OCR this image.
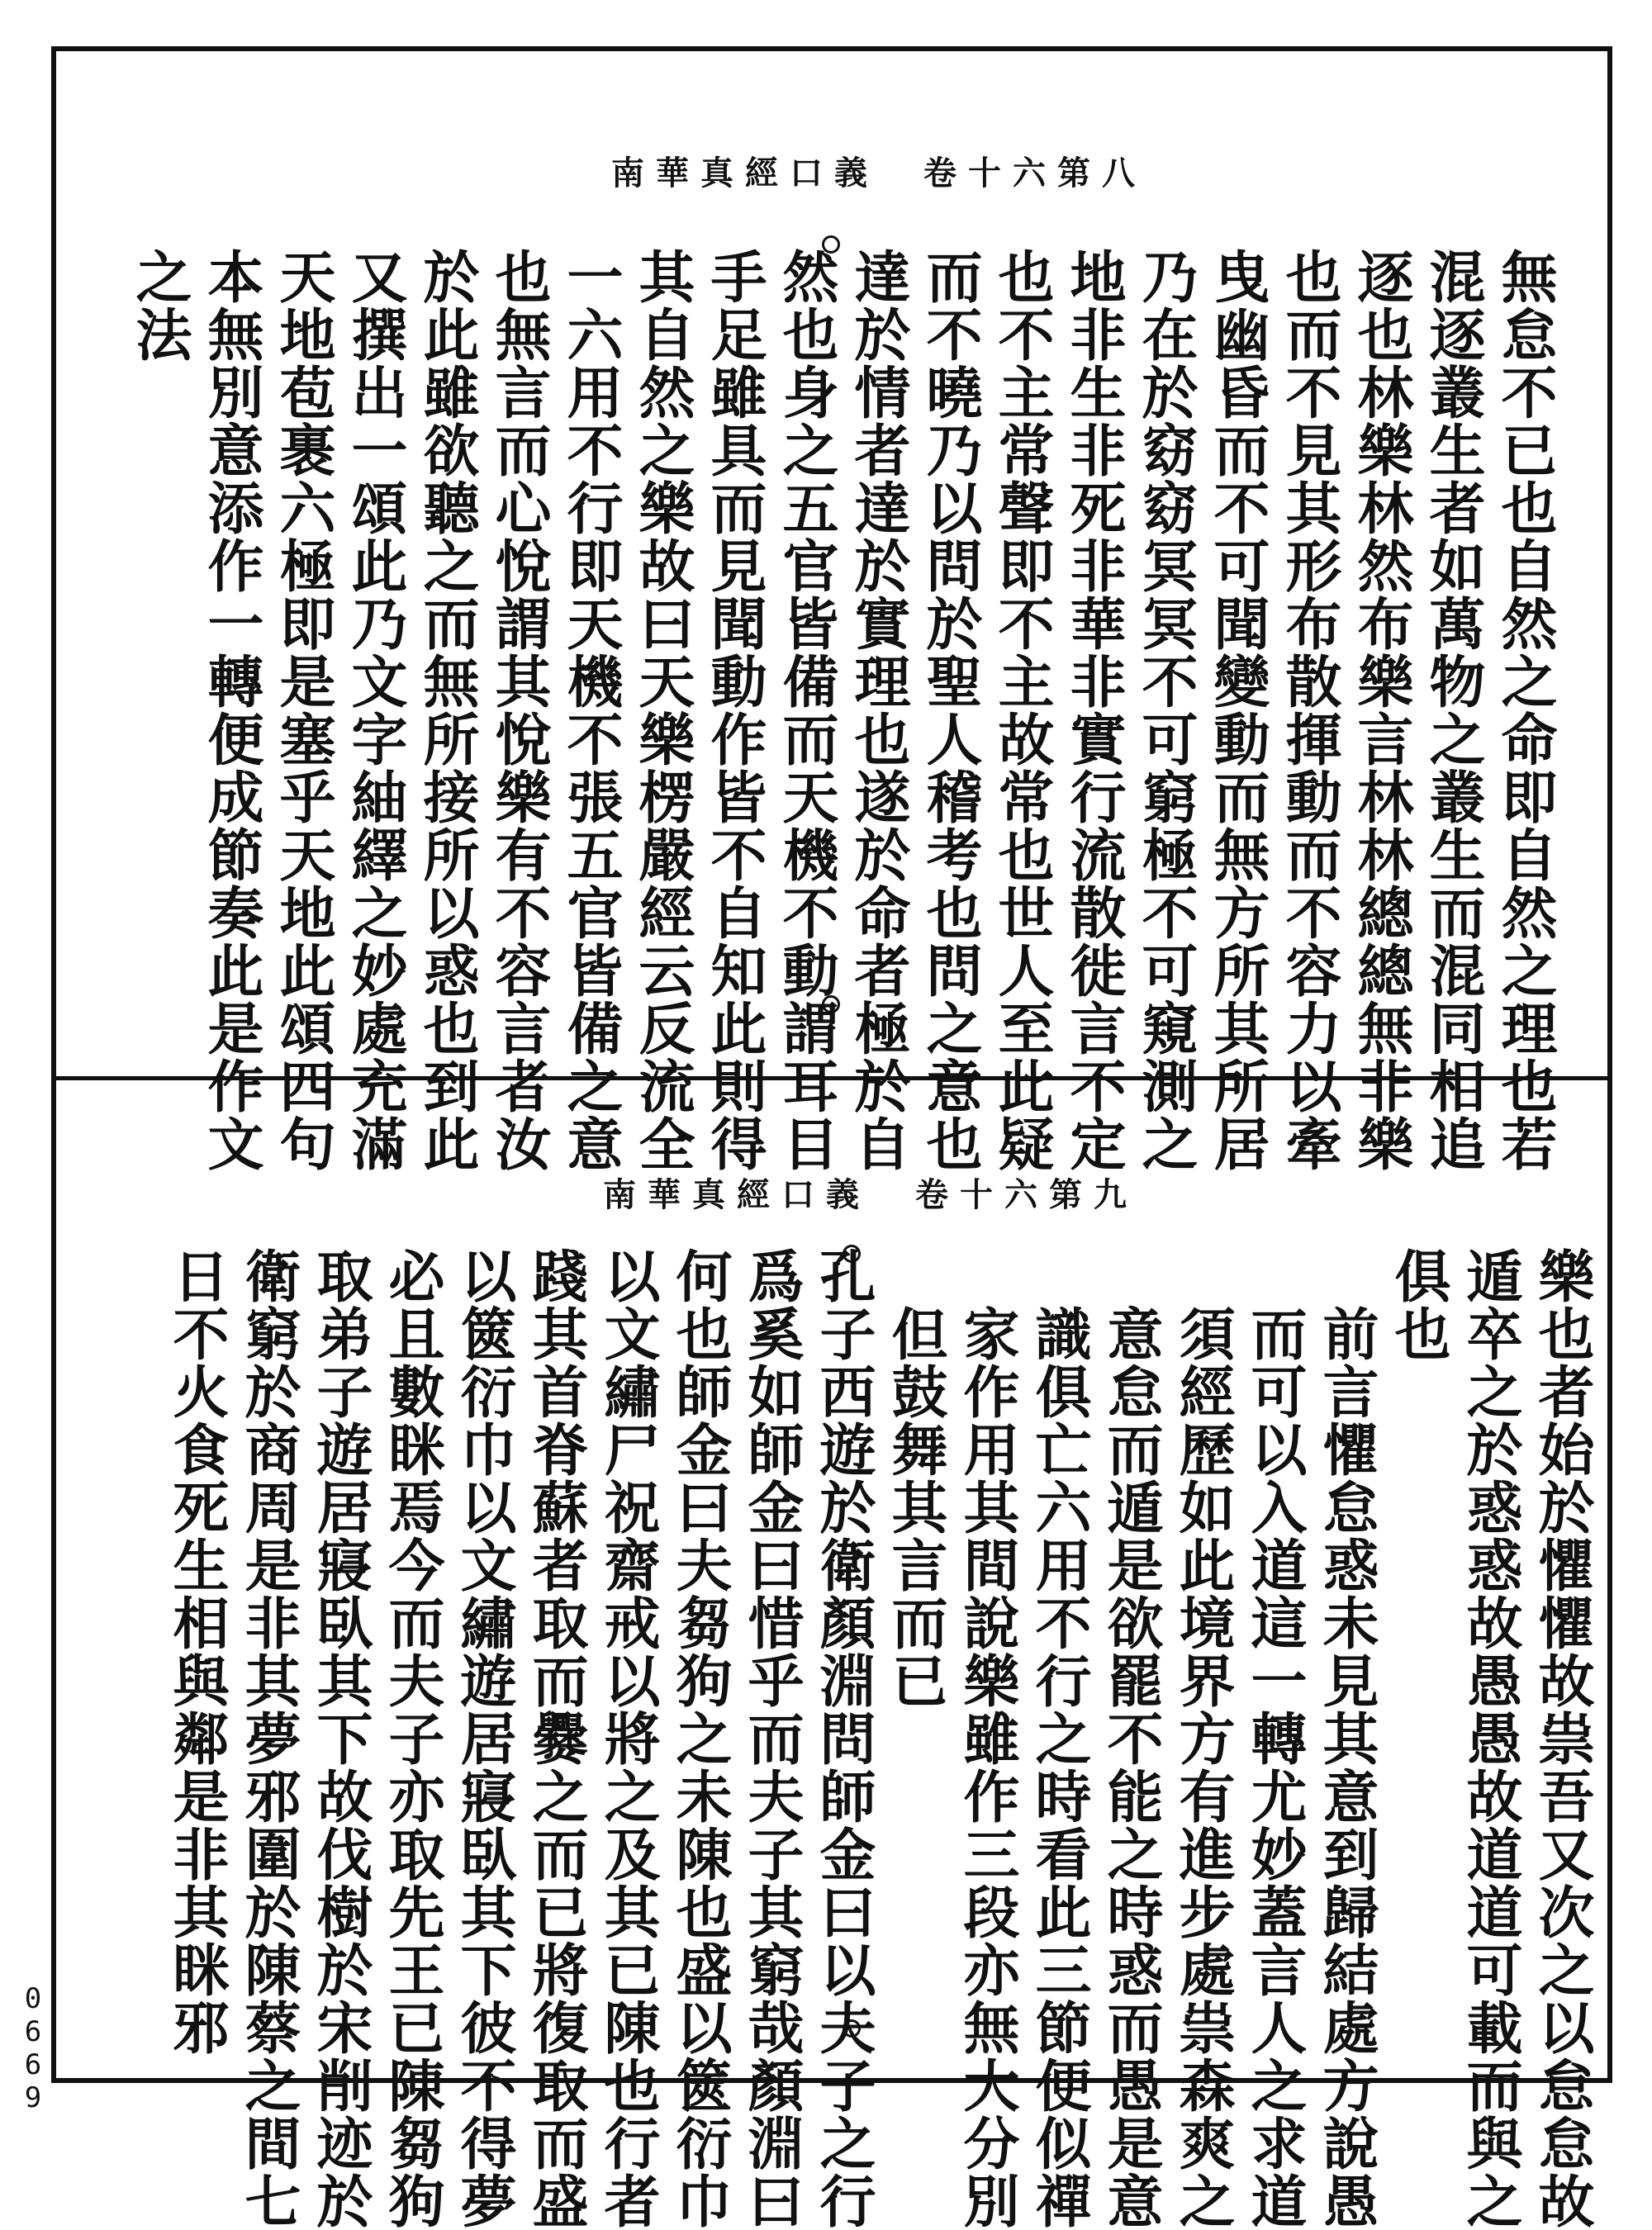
南華真經口義　卷十六第八
南華真經口義　卷十六第九
無怠不已也自然之命即自然之理也若
混逐叢生者如萬物之叢生而混同相追
逐也林樂林然布樂言林林總總無非樂
也而不見其形布散揮動而不容力以牽
曳幽昏而不可聞變動而無方所其所居
乃在於窈窈冥冥不可窮極不可窺測之
地非生非死非華非實行流散徙言不定
也不主常聲即不主故常也世人至此疑
而不曉乃以問於聖人稽考也問之意也
達於情者達於實理也遂於命者極於自
然也身之五官皆備而天機不動謂耳目
手足雖具而見聞動作皆不自知此則得
其自然之樂故曰天樂楞嚴經云反流全
一六用不行即天機不張五官皆備之意
也無言而心悅謂其悅樂有不容言者汝
於此雖欲聽之而無所接所以惑也到此
又撰出一頌此乃文字紬繹之妙處充滿
天地苞裹六極即是塞乎天地此頌四句
本無別意添作一轉便成節奏此是作文
之法
樂也者始於懼懼故祟吾又次之以怠怠故
遁卒之於惑惑故愚愚故道道可載而與之
俱也
前言懼怠惑未見其意到歸結處方說愚
而可以入道這一轉尤妙蓋言人之求道
須經歷如此境界方有進步處祟森爽之
意怠而遁是欲罷不能之時惑而愚是意
識俱亡六用不行之時看此三節便似禪
家作用其間說樂雖作三段亦無大分別
但鼓舞其言而已
孔子西遊於衛顏淵問師金曰以夫子之行
爲奚如師金曰惜乎而夫子其窮哉顏淵曰
何也師金曰夫芻狗之未陳也盛以篋衍巾
以文繡尸祝齋戒以將之及其已陳也行者
踐其首脊蘇者取而爨之而已將復取而盛
以篋衍巾以文繡遊居寢臥其下彼不得夢
必且數眯焉今而夫子亦取先王已陳芻狗
取弟子遊居寢臥其下故伐樹於宋削迹於
衛窮於商周是非其夢邪圍於陳蔡之間七
日不火食死生相與鄰是非其眯邪
0669
